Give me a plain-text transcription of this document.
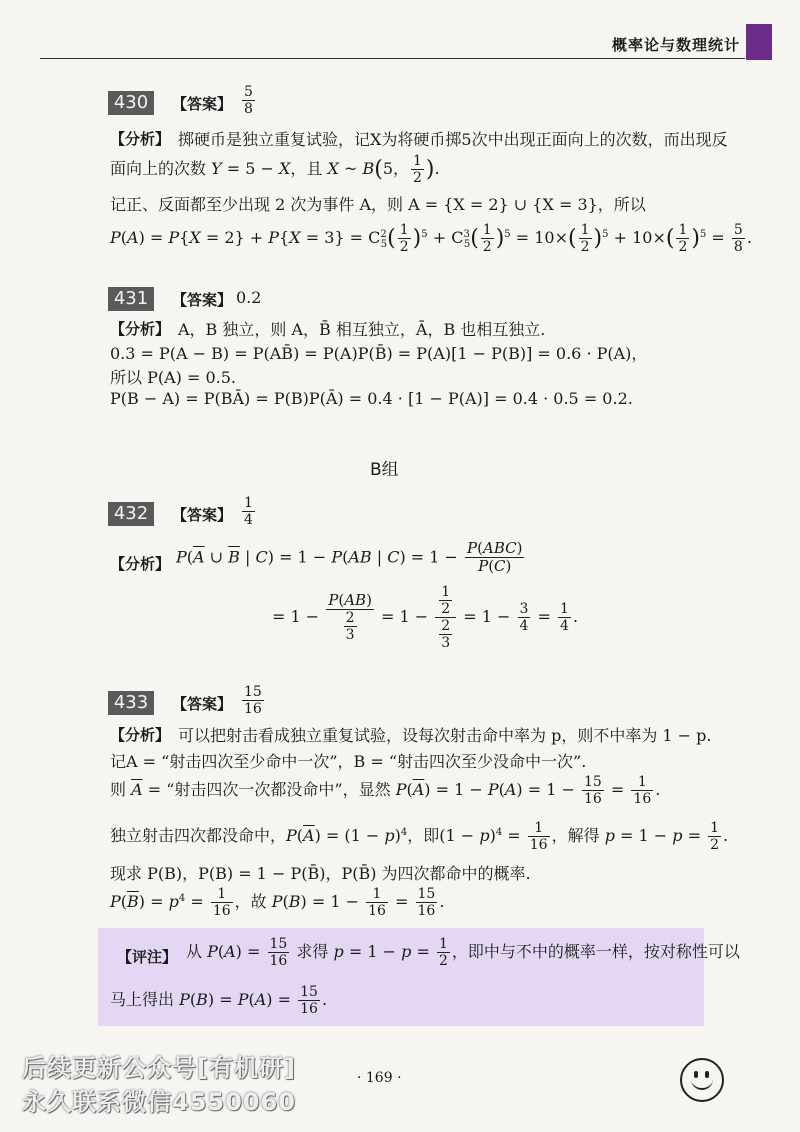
概率论与数理统计
430	【答案】 $\frac{5}{8}$
【分析】 掷硬币是独立重复试验，记X为将硬币掷5次中出现正面向上的次数，而出现反
面向上的次数 Y = 5 − X，且 X ~ B(5， $\frac{1}{2}$ ).
记正、反面都至少出现 2 次为事件 A，则 A = {X = 2} ∪ {X = 3}，所以
$P(A) = P\{X = 2\} + P\{X = 3\} = C^2_5( \frac{1}{2} )^5 + C^3_5( \frac{1}{2} )^5 = 10\times( \frac{1}{2} )^5 + 10\times( \frac{1}{2} )^5 = \frac{5}{8}$ .
431	【答案】 0.2
【分析】 A，B 独立，则 A，B̄ 相互独立，Ā，B 也相互独立.
0.3 = P(A − B) = P(AB̄) = P(A)P(B̄) = P(A)[1 − P(B)] = 0.6 · P(A)，
所以 P(A) = 0.5.
P(B − A) = P(BĀ) = P(B)P(Ā) = 0.4 · [1 − P(A)] = 0.4 · 0.5 = 0.2.
B组
432	【答案】 $\frac{1}{4}$
【分析】 $P(\overline{A}$ ∪ $\overline{B}$ | C) = 1 − P(AB | $C) = 1 - \frac{\text{P(ABC)}}{P(C)}$
= $1 - \frac{P(AB)}{\frac{2}{3}} = 1 - \frac{\frac{1}{2}}{\frac{2}{3}} = 1 - \frac{3}{4} = \frac{1}{4}$ .
433	【答案】 $\frac{15}{16}$
【分析】 可以把射击看成独立重复试验，设每次射击命中率为 p，则不中率为 1 − p.
记A = “射击四次至少命中一次”，B = “射击四次至少没命中一次”.
则 $\overline{A}$ = “射击四次一次都没命中”，显然 $P(\overline{A}) = 1 - P(A) = 1 - \frac{15}{16} = \frac{1}{16}$ .
独立射击四次都没命中，$P(\overline{A}) = (1 - p)^4$，即$(1 - p)^4 = \frac{1}{16}$ ，解得 $p = 1 - p = \frac{1}{2}$ .
现求 P(B)，P(B) = 1 − P(B̄)，P(B̄) 为四次都命中的概率.
$P(\overline{B}) = p^4 = \frac{1}{16}$ ，故 $P(B) = 1 - \frac{1}{16} = \frac{15}{16}$ .
【评注】 从 $P(A) = \frac{15}{16}$ 求得 $p = 1 - p = \frac{1}{2}$ ，即中与不中的概率一样，按对称性可以
马上得出 $P(B) = P(A) = \frac{15}{16}$ .
后续更新公众号[有机研]
永久联系微信4550060
· 169 ·
